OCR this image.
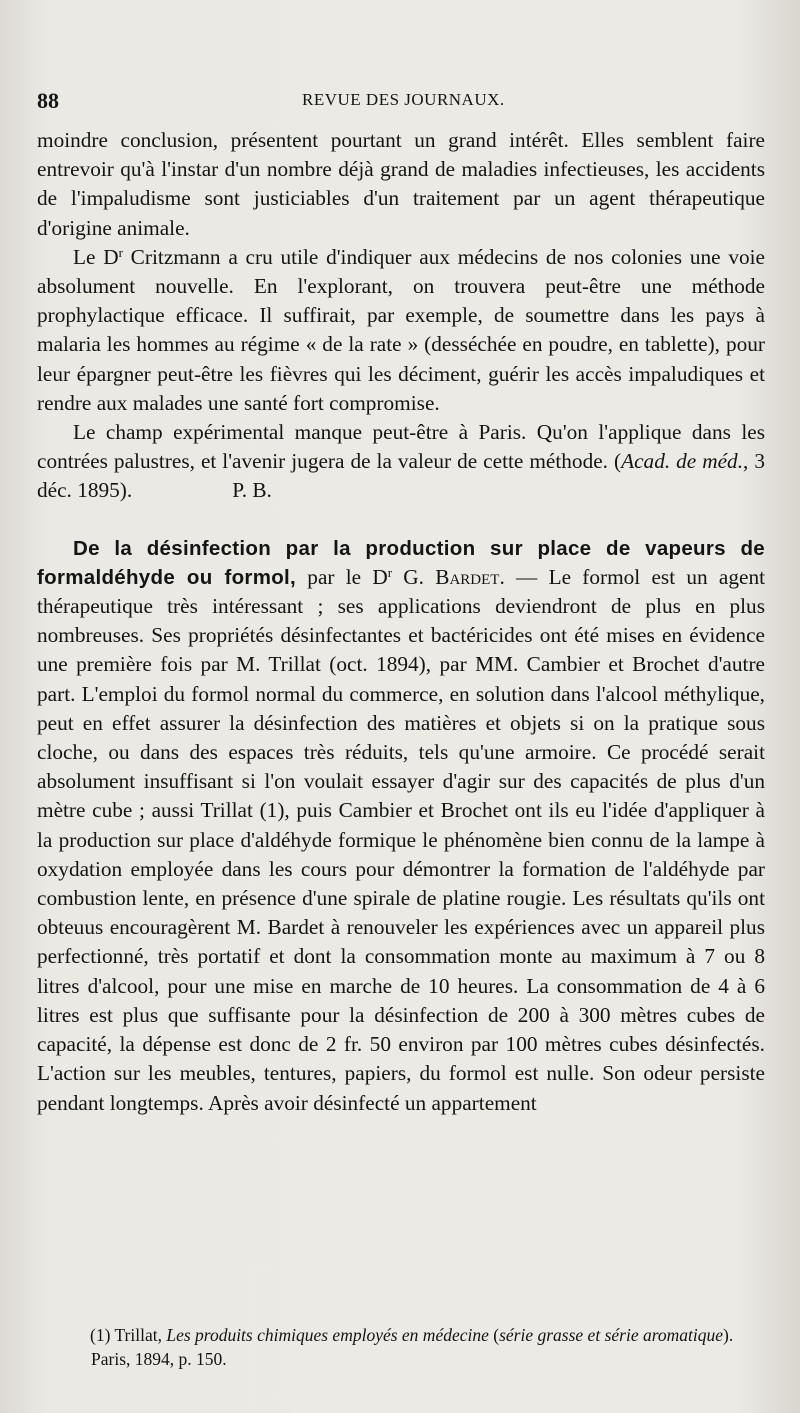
88	REVUE DES JOURNAUX.

moindre conclusion, présentent pourtant un grand intérêt. Elles semblent faire entrevoir qu'à l'instar d'un nombre déjà grand de maladies infectieuses, les accidents de l'impaludisme sont justiciables d'un traitement par un agent thérapeutique d'origine animale.

Le $D^r$ Critzmann a cru utile d'indiquer aux médecins de nos colonies une voie absolument nouvelle. En l'explorant, on trouvera peut-être une méthode prophylactique efficace. Il suffirait, par exemple, de soumettre dans les pays à malaria les hommes au régime « de la rate » (desséchée en poudre, en tablette), pour leur épargner peut-être les fièvres qui les déciment, guérir les accès impaludiques et rendre aux malades une santé fort compromise.

Le champ expérimental manque peut-être à Paris. Qu'on l'applique dans les contrées palustres, et l'avenir jugera de la valeur de cette méthode. (Acad. de méd., 3 déc. 1895).	P. B.

De la désinfection par la production sur place de vapeurs de formaldéhyde ou formol, par le $D^r$ G. Bardet. — Le formol est un agent thérapeutique très intéressant ; ses applications deviendront de plus en plus nombreuses. Ses propriétés désinfectantes et bactéricides ont été mises en évidence une première fois par M. Trillat (oct. 1894), par MM. Cambier et Brochet d'autre part. L'emploi du formol normal du commerce, en solution dans l'alcool méthylique, peut en effet assurer la désinfection des matières et objets si on la pratique sous cloche, ou dans des espaces très réduits, tels qu'une armoire. Ce procédé serait absolument insuffisant si l'on voulait essayer d'agir sur des capacités de plus d'un mètre cube ; aussi Trillat (1), puis Cambier et Brochet ont ils eu l'idée d'appliquer à la production sur place d'aldéhyde formique le phénomène bien connu de la lampe à oxydation employée dans les cours pour démontrer la formation de l'aldéhyde par combustion lente, en présence d'une spirale de platine rougie. Les résultats qu'ils ont obteuus encouragèrent M. Bardet à renouveler les expériences avec un appareil plus perfectionné, très portatif et dont la consommation monte au maximum à 7 ou 8 litres d'alcool, pour une mise en marche de 10 heures. La consommation de 4 à 6 litres est plus que suffisante pour la désinfection de 200 à 300 mètres cubes de capacité, la dépense est donc de 2 fr. 50 environ par 100 mètres cubes désinfectés. L'action sur les meubles, tentures, papiers, du formol est nulle. Son odeur persiste pendant longtemps. Après avoir désinfecté un appartement

(1) Trillat, Les produits chimiques employés en médecine (série grasse et série aromatique). Paris, 1894, p. 150.
